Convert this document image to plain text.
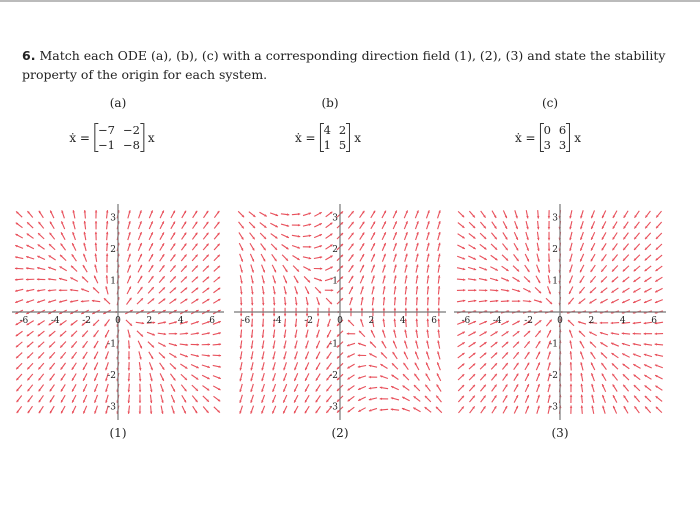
6. Match each ODE (a), (b), (c) with a corresponding direction field (1), (2), (3) and state the stability property of the origin for each system.
(a)	(b)	(c)
ẋ =
−7 −2
−1 −8
x	ẋ =
4 2
1 5
x	ẋ =
0 6
3 3
x
-6	-4	-2	0	2	4	6
3
2
1
-1
-2
-3
-6	-4	-2	0	2	4	6
3
2
1
-1
-2
-3
-6	-4	-2	0	2	4	6
3
2
1
-1
-2
-3
(1)	(2)	(3)
